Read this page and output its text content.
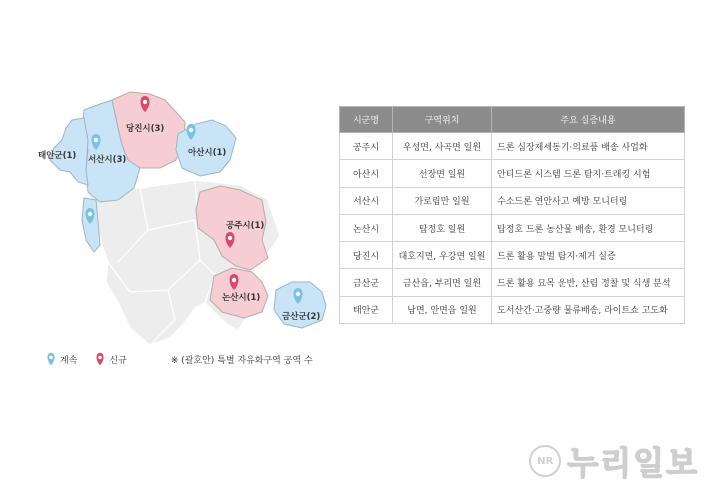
당진시(3)
서산시(3)
태안군(1)	아산시(1)
공주시(1)
논산시(1)
금산군(2)
계속	신규	※ (괄호안) 특별 자유화구역 공역 수
시군명	구역위치	주요 실증내용
공주시	우성면, 사곡면 일원	드론 심장제세동기·의료품 배송 사업화
아산시	선장면 일원	안티드론 시스템 드론 탐지·트래킹 시험
서산시	가로림만 일원	수소드론 연안사고 예방 모니터링
논산시	탑정호 일원	탑정호 드론 농산물 배송, 환경 모니터링
당진시	대호지면, 우강면 일원	드론 활용 말벌 탐지·제거 실증
금산군	금산읍, 부리면 일원	드론 활용 묘목 운반, 산림 정찰 및 식생 분석
태안군	남면, 안면읍 일원	도서산간·고중량 물류배송, 라이트쇼 고도화
NR 누리일보
